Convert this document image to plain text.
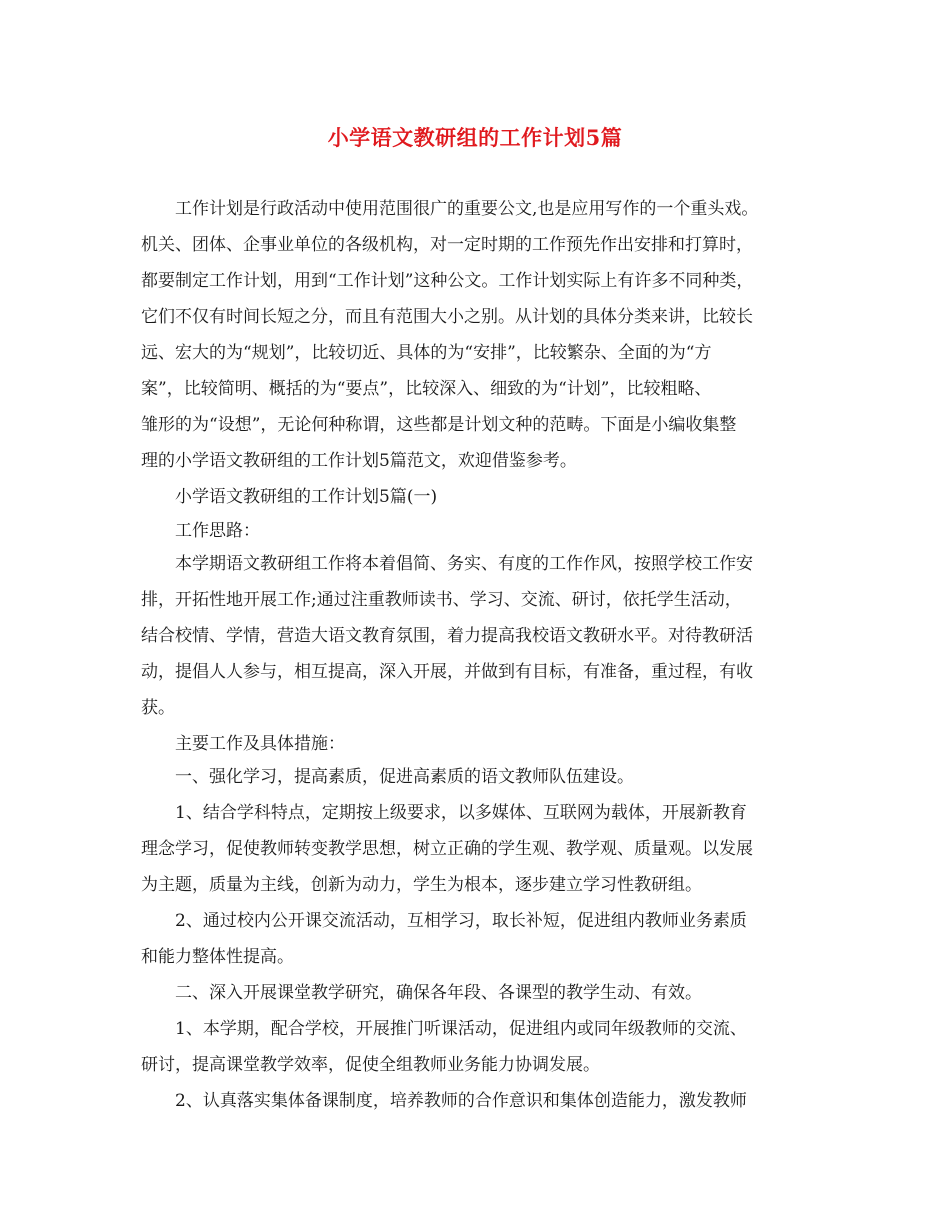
小学语文教研组的工作计划5篇
工作计划是行政活动中使用范围很广的重要公文,也是应用写作的一个重头戏。
机关、团体、企事业单位的各级机构，对一定时期的工作预先作出安排和打算时，
都要制定工作计划，用到“工作计划”这种公文。工作计划实际上有许多不同种类，
它们不仅有时间长短之分，而且有范围大小之别。从计划的具体分类来讲，比较长
远、宏大的为“规划”，比较切近、具体的为“安排”，比较繁杂、全面的为“方
案”，比较简明、概括的为“要点”，比较深入、细致的为“计划”，比较粗略、
雏形的为“设想”，无论何种称谓，这些都是计划文种的范畴。下面是小编收集整
理的小学语文教研组的工作计划5篇范文，欢迎借鉴参考。
小学语文教研组的工作计划5篇(一)
工作思路：
本学期语文教研组工作将本着倡简、务实、有度的工作作风，按照学校工作安
排，开拓性地开展工作;通过注重教师读书、学习、交流、研讨，依托学生活动，
结合校情、学情，营造大语文教育氛围，着力提高我校语文教研水平。对待教研活
动，提倡人人参与，相互提高，深入开展，并做到有目标，有准备，重过程，有收
获。
主要工作及具体措施：
一、强化学习，提高素质，促进高素质的语文教师队伍建设。
1、结合学科特点，定期按上级要求，以多媒体、互联网为载体，开展新教育
理念学习，促使教师转变教学思想，树立正确的学生观、教学观、质量观。以发展
为主题，质量为主线，创新为动力，学生为根本，逐步建立学习性教研组。
2、通过校内公开课交流活动，互相学习，取长补短，促进组内教师业务素质
和能力整体性提高。
二、深入开展课堂教学研究，确保各年段、各课型的教学生动、有效。
1、本学期，配合学校，开展推门听课活动，促进组内或同年级教师的交流、
研讨，提高课堂教学效率，促使全组教师业务能力协调发展。
2、认真落实集体备课制度，培养教师的合作意识和集体创造能力，激发教师
